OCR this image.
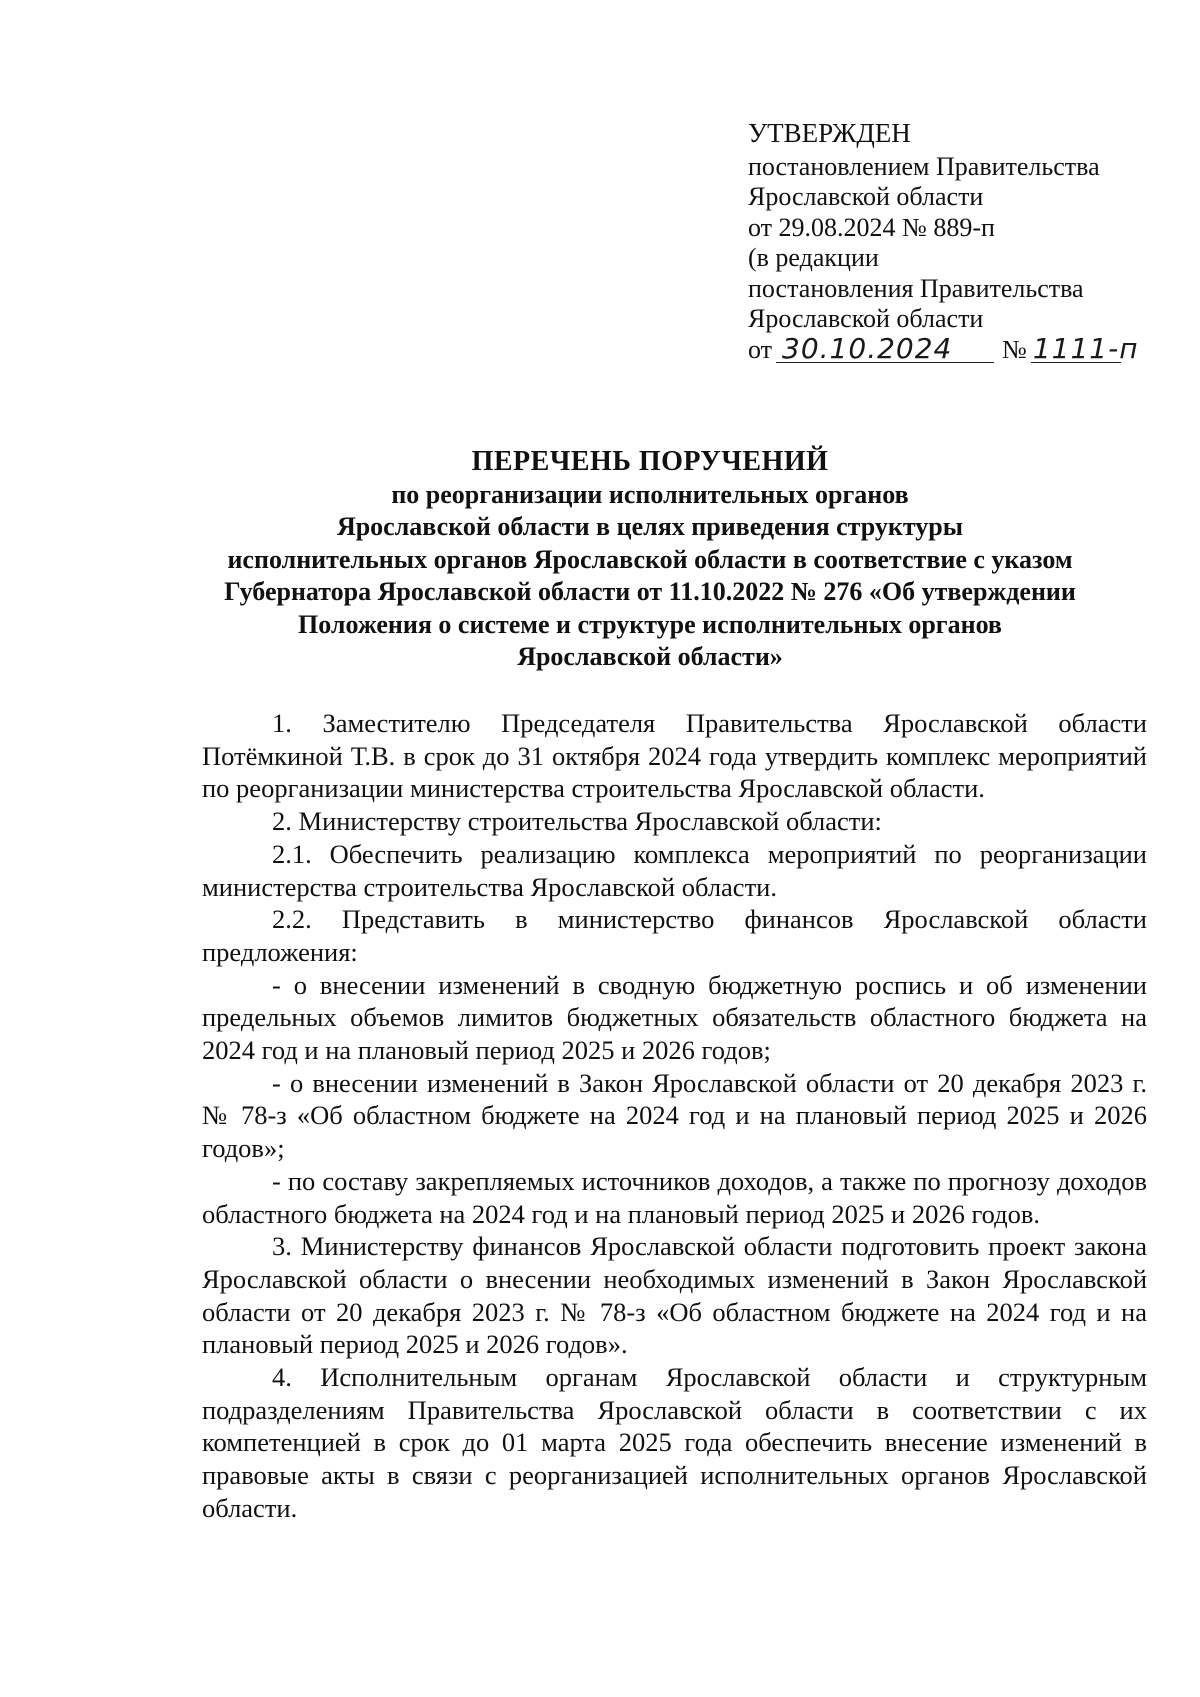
УТВЕРЖДЕН
постановлением Правительства
Ярославской области
от 29.08.2024 № 889-п
(в редакции
постановления Правительства
Ярославской области
от 30.10.2024 № 1111-п
ПЕРЕЧЕНЬ ПОРУЧЕНИЙ
по реорганизации исполнительных органов
Ярославской области в целях приведения структуры
исполнительных органов Ярославской области в соответствие с указом
Губернатора Ярославской области от 11.10.2022 № 276 «Об утверждении
Положения о системе и структуре исполнительных органов
Ярославской области»

1. Заместителю Председателя Правительства Ярославской области Потёмкиной Т.В. в срок до 31 октября 2024 года утвердить комплекс мероприятий по реорганизации министерства строительства Ярославской области.

2. Министерству строительства Ярославской области:

2.1. Обеспечить реализацию комплекса мероприятий по реорганизации министерства строительства Ярославской области.

2.2. Представить в министерство финансов Ярославской области предложения:

- о внесении изменений в сводную бюджетную роспись и об изменении предельных объемов лимитов бюджетных обязательств областного бюджета на 2024 год и на плановый период 2025 и 2026 годов;

- о внесении изменений в Закон Ярославской области от 20 декабря 2023 г. № 78-з «Об областном бюджете на 2024 год и на плановый период 2025 и 2026 годов»;

- по составу закрепляемых источников доходов, а также по прогнозу доходов областного бюджета на 2024 год и на плановый период 2025 и 2026 годов.

3. Министерству финансов Ярославской области подготовить проект закона Ярославской области о внесении необходимых изменений в Закон Ярославской области от 20 декабря 2023 г. № 78-з «Об областном бюджете на 2024 год и на плановый период 2025 и 2026 годов».

4. Исполнительным органам Ярославской области и структурным подразделениям Правительства Ярославской области в соответствии с их компетенцией в срок до 01 марта 2025 года обеспечить внесение изменений в правовые акты в связи с реорганизацией исполнительных органов Ярославской области.
